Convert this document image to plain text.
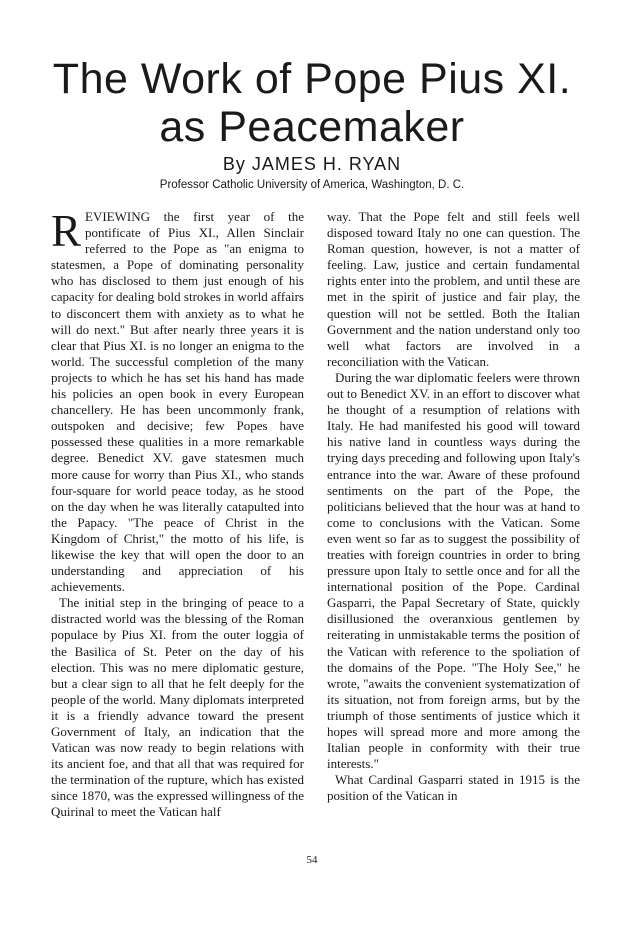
The Work of Pope Pius XI.
as Peacemaker
By JAMES H. RYAN
Professor Catholic University of America, Washington, D. C.

REVIEWING the first year of the pontificate of Pius XI., Allen Sinclair referred to the Pope as "an enigma to statesmen, a Pope of dominating personality who has disclosed to them just enough of his capacity for dealing bold strokes in world affairs to disconcert them with anxiety as to what he will do next." But after nearly three years it is clear that Pius XI. is no longer an enigma to the world. The successful completion of the many projects to which he has set his hand has made his policies an open book in every European chancellery. He has been uncommonly frank, outspoken and decisive; few Popes have possessed these qualities in a more remarkable degree. Benedict XV. gave statesmen much more cause for worry than Pius XI., who stands four-square for world peace today, as he stood on the day when he was literally catapulted into the Papacy. "The peace of Christ in the Kingdom of Christ," the motto of his life, is likewise the key that will open the door to an understanding and appreciation of his achievements.

The initial step in the bringing of peace to a distracted world was the blessing of the Roman populace by Pius XI. from the outer loggia of the Basilica of St. Peter on the day of his election. This was no mere diplomatic gesture, but a clear sign to all that he felt deeply for the people of the world. Many diplomats interpreted it is a friendly advance toward the present Government of Italy, an indication that the Vatican was now ready to begin relations with its ancient foe, and that all that was required for the termination of the rupture, which has existed since 1870, was the expressed willingness of the Quirinal to meet the Vatican half

way. That the Pope felt and still feels well disposed toward Italy no one can question. The Roman question, however, is not a matter of feeling. Law, justice and certain fundamental rights enter into the problem, and until these are met in the spirit of justice and fair play, the question will not be settled. Both the Italian Government and the nation understand only too well what factors are involved in a reconciliation with the Vatican.

During the war diplomatic feelers were thrown out to Benedict XV. in an effort to discover what he thought of a resumption of relations with Italy. He had manifested his good will toward his native land in countless ways during the trying days preceding and following upon Italy's entrance into the war. Aware of these profound sentiments on the part of the Pope, the politicians believed that the hour was at hand to come to conclusions with the Vatican. Some even went so far as to suggest the possibility of treaties with foreign countries in order to bring pressure upon Italy to settle once and for all the international position of the Pope. Cardinal Gasparri, the Papal Secretary of State, quickly disillusioned the overanxious gentlemen by reiterating in unmistakable terms the position of the Vatican with reference to the spoliation of the domains of the Pope. "The Holy See," he wrote, "awaits the convenient systematization of its situation, not from foreign arms, but by the triumph of those sentiments of justice which it hopes will spread more and more among the Italian people in conformity with their true interests."

What Cardinal Gasparri stated in 1915 is the position of the Vatican in

54
